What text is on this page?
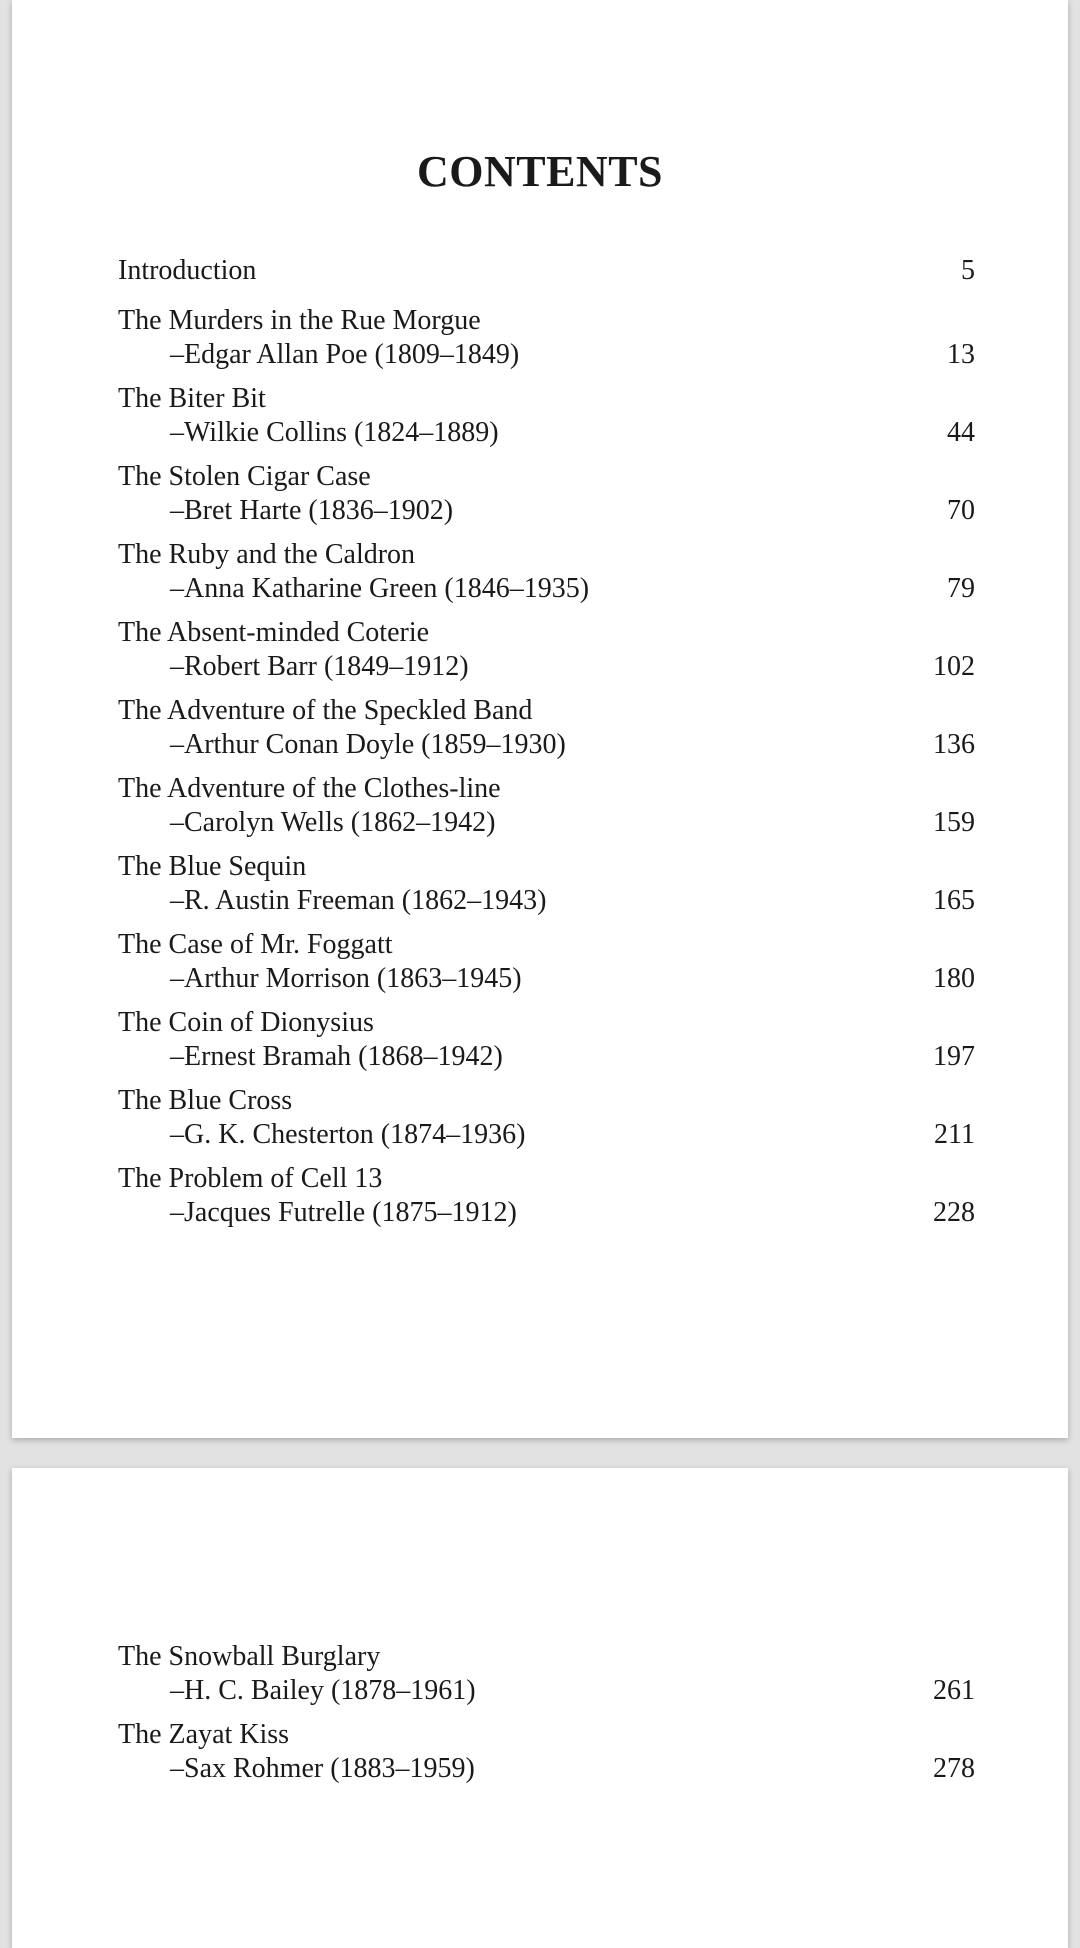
CONTENTS
Introduction	5
The Murders in the Rue Morgue
–Edgar Allan Poe (1809–1849)	13
The Biter Bit
–Wilkie Collins (1824–1889)	44
The Stolen Cigar Case
–Bret Harte (1836–1902)	70
The Ruby and the Caldron
–Anna Katharine Green (1846–1935)	79
The Absent-minded Coterie
–Robert Barr (1849–1912)	102
The Adventure of the Speckled Band
–Arthur Conan Doyle (1859–1930)	136
The Adventure of the Clothes-line
–Carolyn Wells (1862–1942)	159
The Blue Sequin
–R. Austin Freeman (1862–1943)	165
The Case of Mr. Foggatt
–Arthur Morrison (1863–1945)	180
The Coin of Dionysius
–Ernest Bramah (1868–1942)	197
The Blue Cross
–G. K. Chesterton (1874–1936)	211
The Problem of Cell 13
–Jacques Futrelle (1875–1912)	228
The Snowball Burglary
–H. C. Bailey (1878–1961)	261
The Zayat Kiss
–Sax Rohmer (1883–1959)	278
